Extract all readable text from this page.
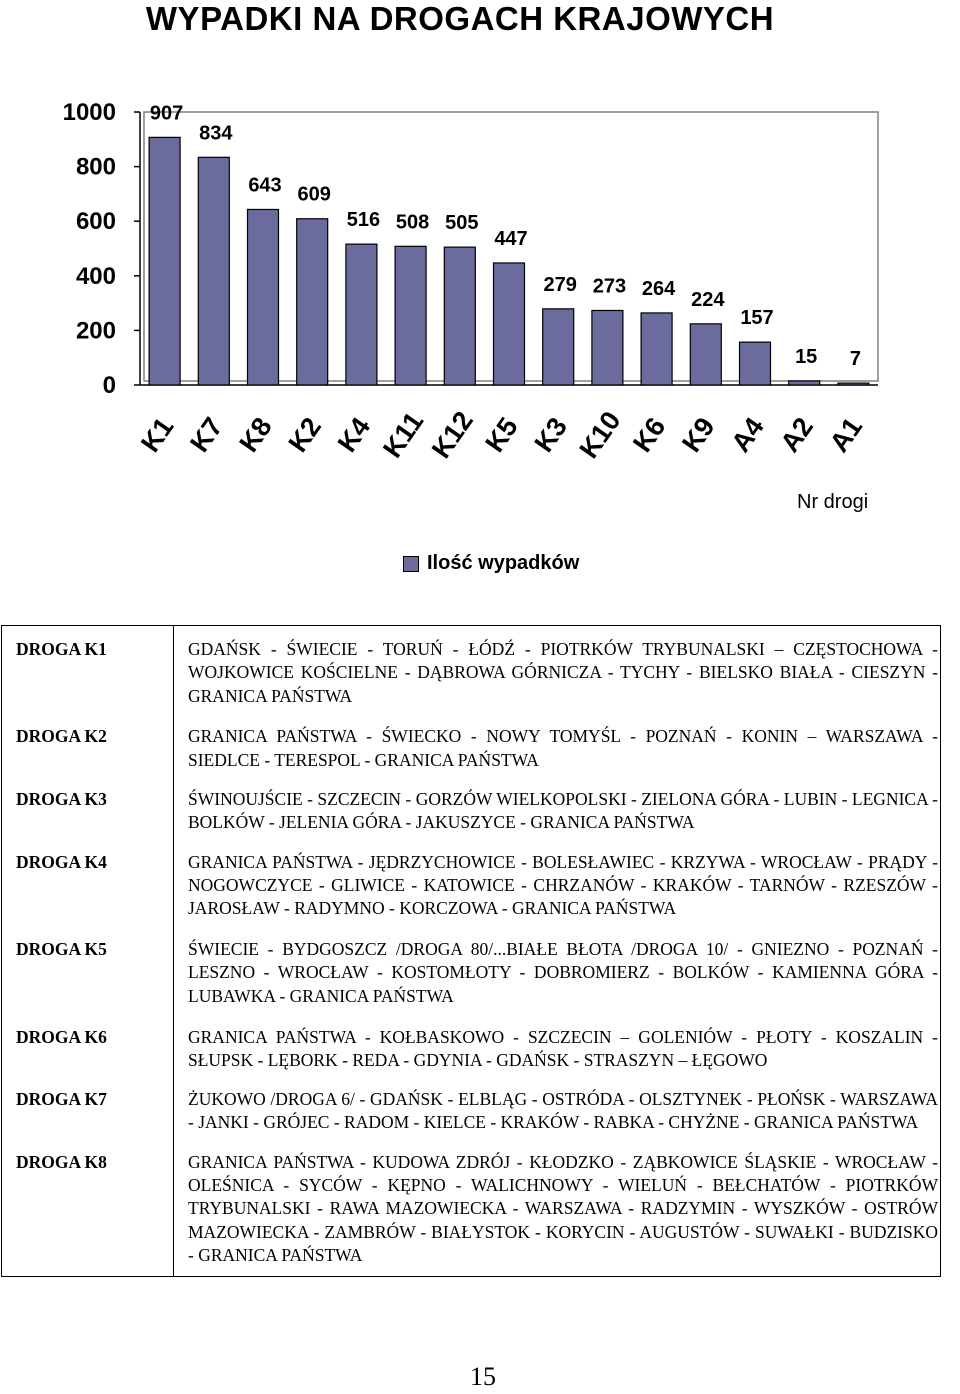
WYPADKI NA DROGACH KRAJOWYCH
0
200
400
600
800
1000 907
834
643 609
516 508 505
447
279 273 264 224
157
15 7
K1 K7 K8 K2 K4 K11
K12 K5 K3 K10 K6 K9 A4 A2 A1
Nr drogi
Ilość wypadków
DROGA K1	GDAŃSK - ŚWIECIE - TORUŃ - ŁÓDŹ - PIOTRKÓW TRYBUNALSKI – CZĘSTOCHOWA - WOJKOWICE KOŚCIELNE - DĄBROWA GÓRNICZA - TYCHY - BIELSKO BIAŁA - CIESZYN - GRANICA PAŃSTWA
DROGA K2	GRANICA PAŃSTWA - ŚWIECKO - NOWY TOMYŚL - POZNAŃ - KONIN – WARSZAWA - SIEDLCE - TERESPOL - GRANICA PAŃSTWA
DROGA K3	ŚWINOUJŚCIE - SZCZECIN - GORZÓW WIELKOPOLSKI - ZIELONA GÓRA - LUBIN - LEGNICA - BOLKÓW - JELENIA GÓRA - JAKUSZYCE - GRANICA PAŃSTWA
DROGA K4	GRANICA PAŃSTWA - JĘDRZYCHOWICE - BOLESŁAWIEC - KRZYWA - WROCŁAW - PRĄDY - NOGOWCZYCE - GLIWICE - KATOWICE - CHRZANÓW - KRAKÓW - TARNÓW - RZESZÓW - JAROSŁAW - RADYMNO - KORCZOWA - GRANICA PAŃSTWA
DROGA K5	ŚWIECIE - BYDGOSZCZ /DROGA 80/...BIAŁE BŁOTA /DROGA 10/ - GNIEZNO - POZNAŃ - LESZNO - WROCŁAW - KOSTOMŁOTY - DOBROMIERZ - BOLKÓW - KAMIENNA GÓRA - LUBAWKA - GRANICA PAŃSTWA
DROGA K6	GRANICA PAŃSTWA - KOŁBASKOWO - SZCZECIN – GOLENIÓW - PŁOTY - KOSZALIN - SŁUPSK - LĘBORK - REDA - GDYNIA - GDAŃSK - STRASZYN – ŁĘGOWO
DROGA K7	ŻUKOWO /DROGA 6/ - GDAŃSK - ELBLĄG - OSTRÓDA - OLSZTYNEK - PŁOŃSK - WARSZAWA - JANKI - GRÓJEC - RADOM - KIELCE - KRAKÓW - RABKA - CHYŻNE - GRANICA PAŃSTWA
DROGA K8	GRANICA PAŃSTWA - KUDOWA ZDRÓJ - KŁODZKO - ZĄBKOWICE ŚLĄSKIE - WROCŁAW - OLEŚNICA - SYCÓW - KĘPNO - WALICHNOWY - WIELUŃ - BEŁCHATÓW - PIOTRKÓW TRYBUNALSKI - RAWA MAZOWIECKA - WARSZAWA - RADZYMIN - WYSZKÓW - OSTRÓW MAZOWIECKA - ZAMBRÓW - BIAŁYSTOK - KORYCIN - AUGUSTÓW - SUWAŁKI - BUDZISKO - GRANICA PAŃSTWA
15
